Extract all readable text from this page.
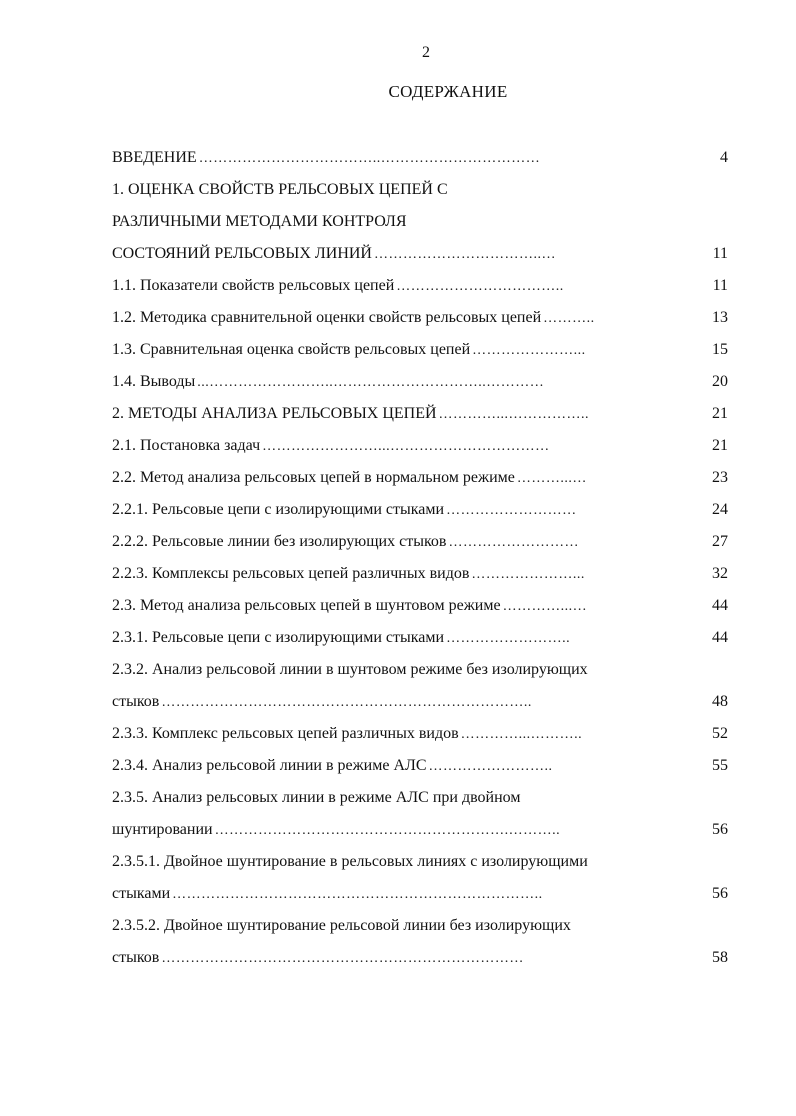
2
СОДЕРЖАНИЕ
ВВЕДЕНИЕ ………………………………..……………………………	4
1. ОЦЕНКА СВОЙСТВ РЕЛЬСОВЫХ ЦЕПЕЙ С
РАЗЛИЧНЫМИ МЕТОДАМИ КОНТРОЛЯ
СОСТОЯНИЙ РЕЛЬСОВЫХ ЛИНИЙ ……………………………..…	11
1.1. Показатели свойств рельсовых цепей ……………………………..	11
1.2. Методика сравнительной оценки свойств рельсовых цепей ………..	13
1.3. Сравнительная оценка свойств рельсовых цепей …………………...	15
1.4. Выводы ...……………………..…………………………..…………	20
2. МЕТОДЫ АНАЛИЗА РЕЛЬСОВЫХ ЦЕПЕЙ …………...……………..	21
2.1. Постановка задач ……………………...……………………………	21
2.2. Метод анализа рельсовых цепей в нормальном режиме ………...…	23
2.2.1. Рельсовые цепи с изолирующими стыками ………………………	24
2.2.2. Рельсовые линии без изолирующих стыков ………………………	27
2.2.3. Комплексы рельсовых цепей различных видов …………………...	32
2.3. Метод анализа рельсовых цепей в шунтовом режиме …………...…	44
2.3.1. Рельсовые цепи с изолирующими стыками ……………………..	44
2.3.2. Анализ рельсовой линии в шунтовом режиме без изолирующих
стыков …………………………………………………………………..	48
2.3.3. Комплекс рельсовых цепей различных видов …………...………..	52
2.3.4. Анализ рельсовой линии в режиме АЛС ……………………..	55
2.3.5. Анализ рельсовых линии в режиме АЛС при двойном
шунтировании …………………………………………………….………..	56
2.3.5.1. Двойное шунтирование в рельсовых линиях с изолирующими
стыками …………………………………………………………………..	56
2.3.5.2. Двойное шунтирование рельсовой линии без изолирующих
стыков …………………………………………………………………	58
